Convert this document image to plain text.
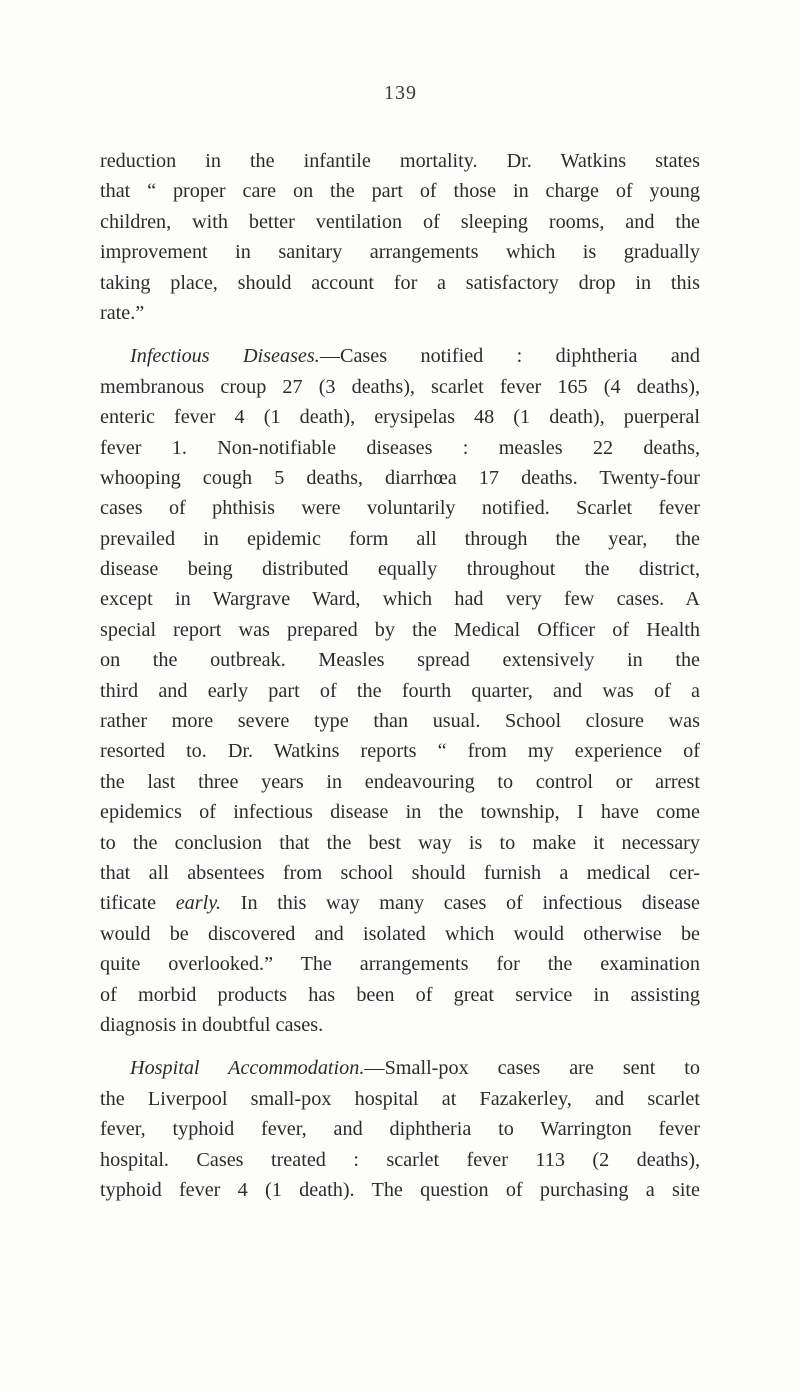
139
reduction in the infantile mortality. Dr. Watkins states
that “ proper care on the part of those in charge of young
children, with better ventilation of sleeping rooms, and the
improvement in sanitary arrangements which is gradually
taking place, should account for a satisfactory drop in this
rate.”
Infectious Diseases.—Cases notified : diphtheria and
membranous croup 27 (3 deaths), scarlet fever 165 (4 deaths),
enteric fever 4 (1 death), erysipelas 48 (1 death), puerperal
fever 1. Non-notifiable diseases : measles 22 deaths,
whooping cough 5 deaths, diarrhœa 17 deaths. Twenty-four
cases of phthisis were voluntarily notified. Scarlet fever
prevailed in epidemic form all through the year, the
disease being distributed equally throughout the district,
except in Wargrave Ward, which had very few cases. A
special report was prepared by the Medical Officer of Health
on the outbreak. Measles spread extensively in the
third and early part of the fourth quarter, and was of a
rather more severe type than usual. School closure was
resorted to. Dr. Watkins reports “ from my experience of
the last three years in endeavouring to control or arrest
epidemics of infectious disease in the township, I have come
to the conclusion that the best way is to make it necessary
that all absentees from school should furnish a medical cer-
tificate early. In this way many cases of infectious disease
would be discovered and isolated which would otherwise be
quite overlooked.” The arrangements for the examination
of morbid products has been of great service in assisting
diagnosis in doubtful cases.
Hospital Accommodation.—Small-pox cases are sent to
the Liverpool small-pox hospital at Fazakerley, and scarlet
fever, typhoid fever, and diphtheria to Warrington fever
hospital. Cases treated : scarlet fever 113 (2 deaths),
typhoid fever 4 (1 death). The question of purchasing a site
